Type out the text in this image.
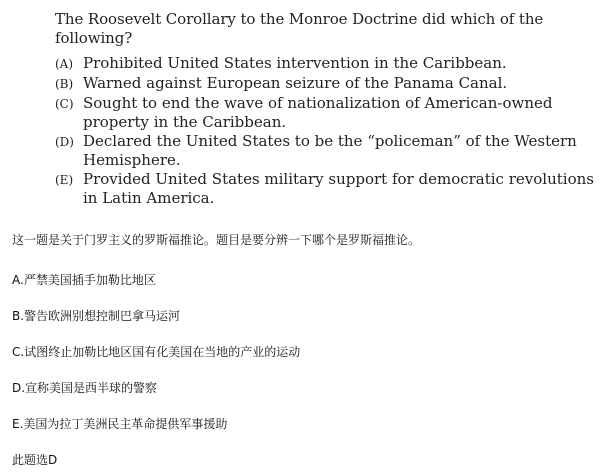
The Roosevelt Corollary to the Monroe Doctrine did which of the following?

(A) Prohibited United States intervention in the Caribbean.
(B) Warned against European seizure of the Panama Canal.
(C) Sought to end the wave of nationalization of American-owned property in the Caribbean.
(D) Declared the United States to be the “policeman” of the Western Hemisphere.
(E) Provided United States military support for democratic revolutions in Latin America.

这一题是关于门罗主义的罗斯福推论。题目是要分辨一下哪个是罗斯福推论。

A.严禁美国插手加勒比地区

B.警告欧洲别想控制巴拿马运河

C.试图终止加勒比地区国有化美国在当地的产业的运动

D.宣称美国是西半球的警察

E.美国为拉丁美洲民主革命提供军事援助

此题选D
